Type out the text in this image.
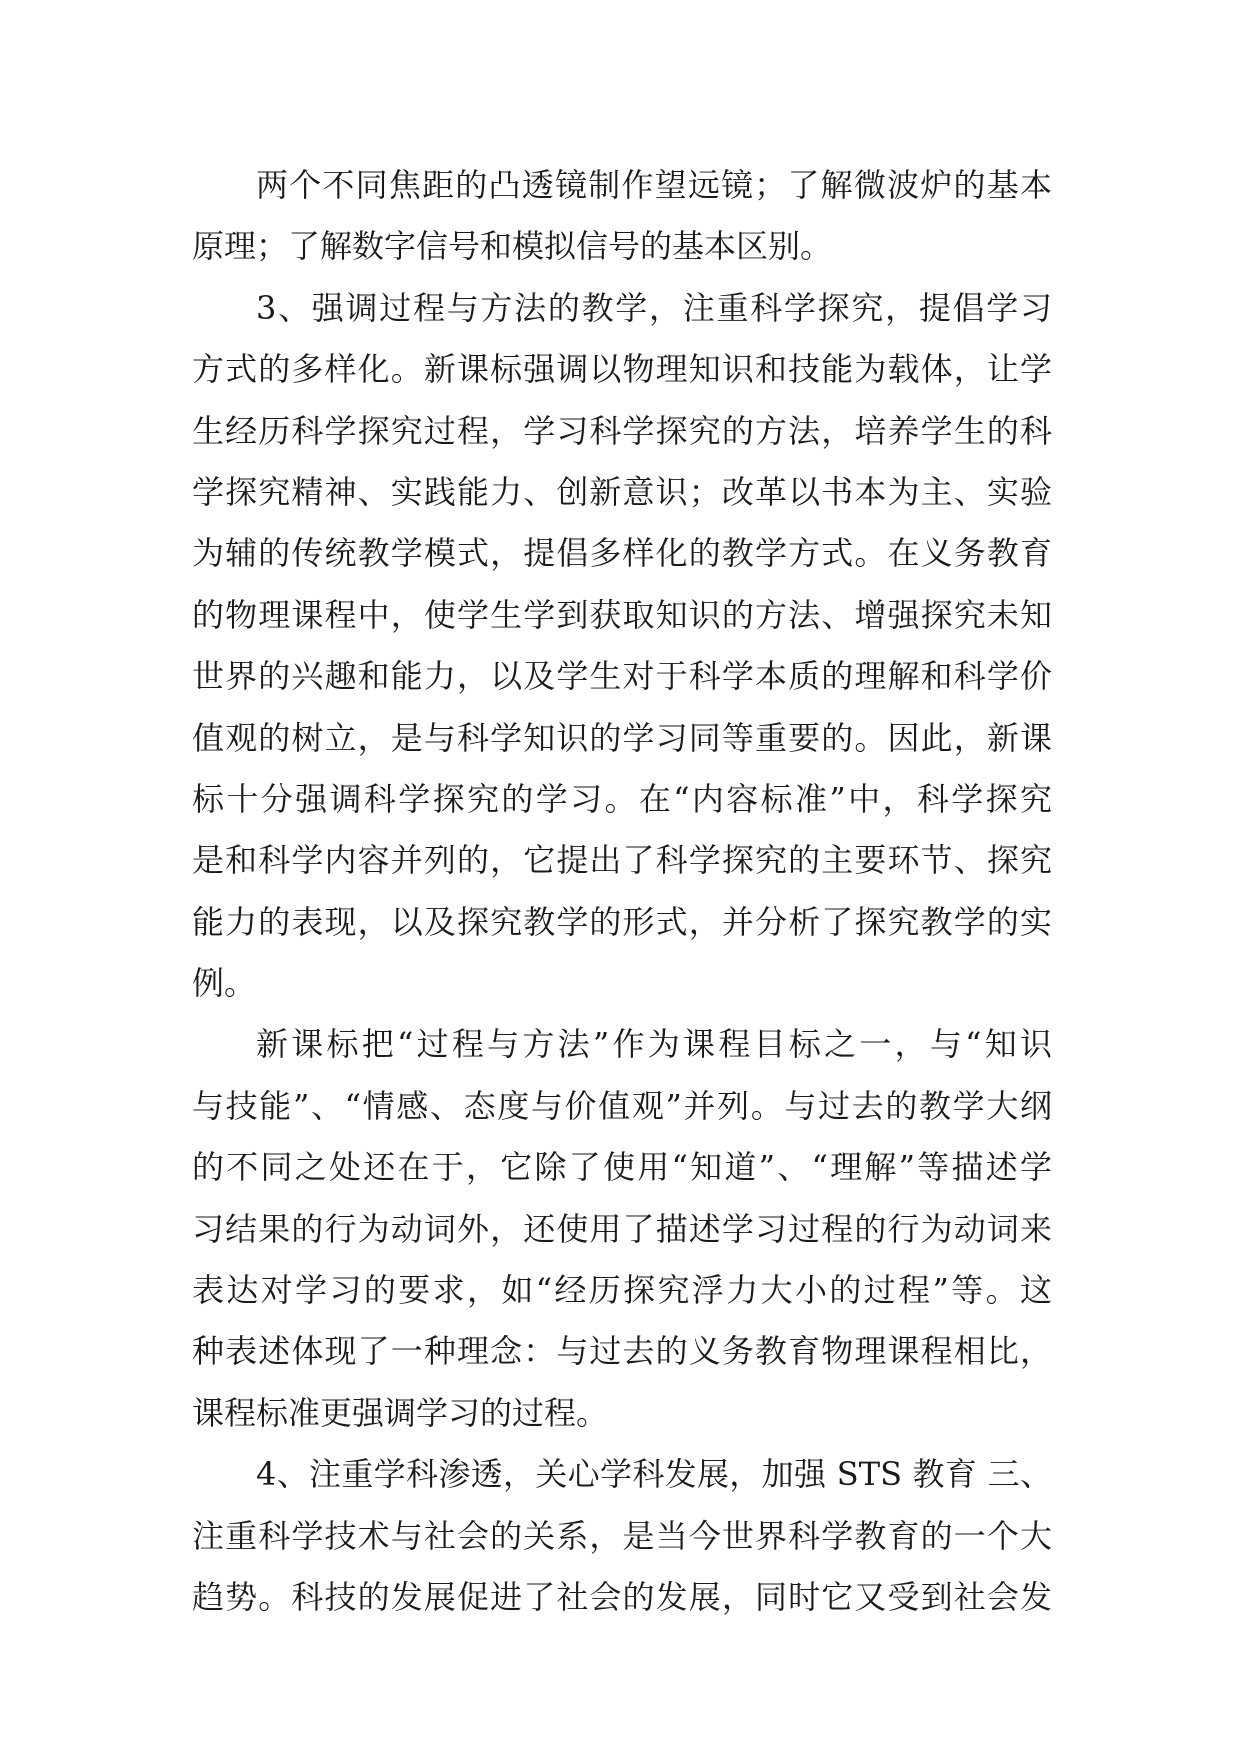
两个不同焦距的凸透镜制作望远镜；了解微波炉的基本
原理；了解数字信号和模拟信号的基本区别。
3、强调过程与方法的教学，注重科学探究，提倡学习
方式的多样化。新课标强调以物理知识和技能为载体，让学
生经历科学探究过程，学习科学探究的方法，培养学生的科
学探究精神、实践能力、创新意识；改革以书本为主、实验
为辅的传统教学模式，提倡多样化的教学方式。在义务教育
的物理课程中，使学生学到获取知识的方法、增强探究未知
世界的兴趣和能力，以及学生对于科学本质的理解和科学价
值观的树立，是与科学知识的学习同等重要的。因此，新课
标十分强调科学探究的学习。在“内容标准”中，科学探究
是和科学内容并列的，它提出了科学探究的主要环节、探究
能力的表现，以及探究教学的形式，并分析了探究教学的实
例。
新课标把“过程与方法”作为课程目标之一，与“知识
与技能”、“情感、态度与价值观”并列。与过去的教学大纲
的不同之处还在于，它除了使用“知道”、“理解”等描述学
习结果的行为动词外，还使用了描述学习过程的行为动词来
表达对学习的要求，如“经历探究浮力大小的过程”等。这
种表述体现了一种理念：与过去的义务教育物理课程相比，
课程标准更强调学习的过程。
4、注重学科渗透，关心学科发展，加强 STS 教育 三、
注重科学技术与社会的关系，是当今世界科学教育的一个大
趋势。科技的发展促进了社会的发展，同时它又受到社会发
